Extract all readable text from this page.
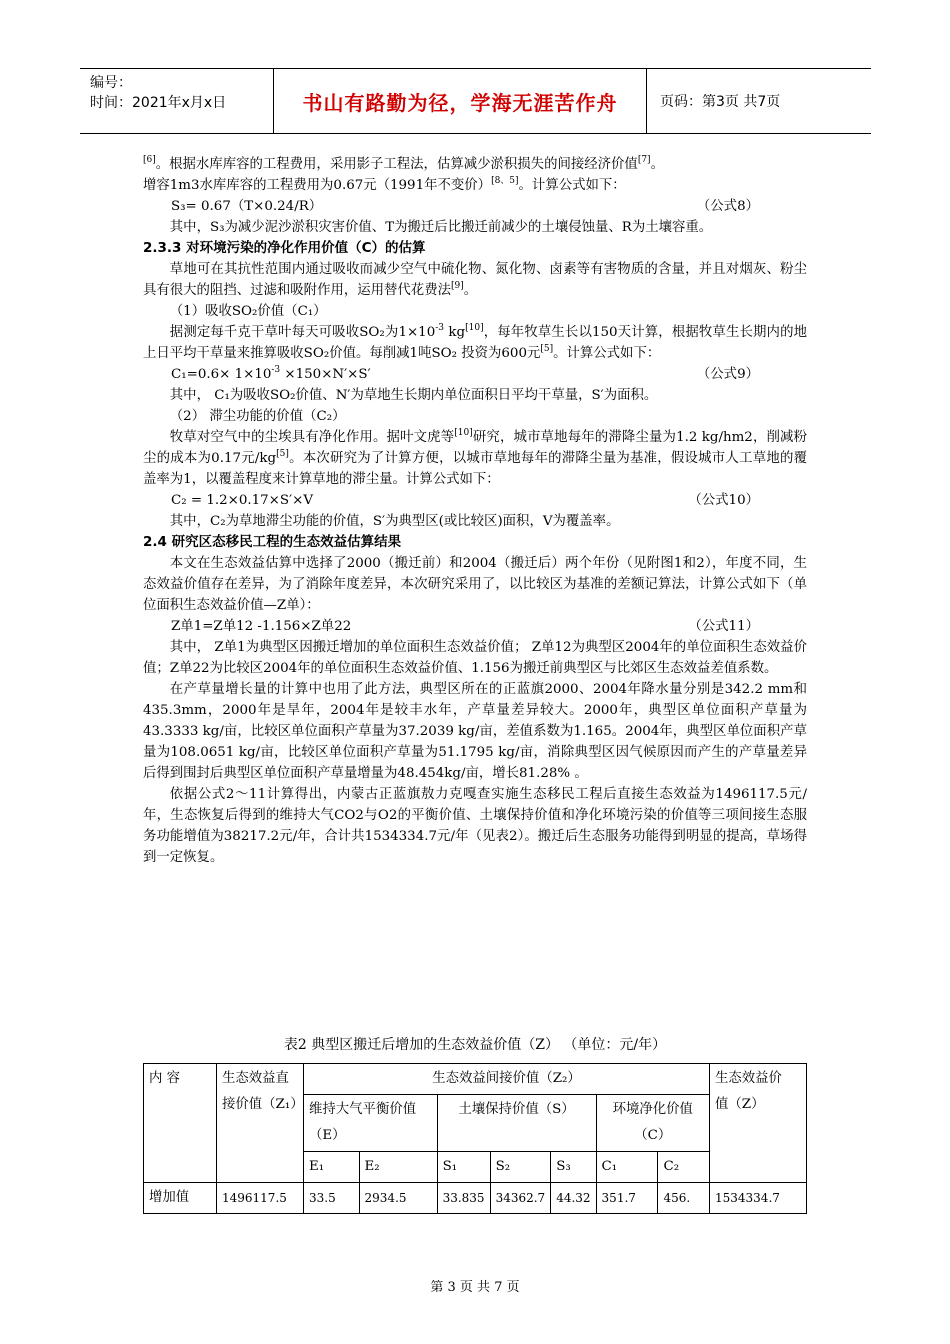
编号：
时间：2021年x月x日	书山有路勤为径，学海无涯苦作舟	页码：第3页 共7页

[6]。根据水库库容的工程费用，采用影子工程法，估算减少淤积损失的间接经济价值[7]。

增容1m3水库库容的工程费用为0.67元（1991年不变价）[8、5]。计算公式如下：

S₃= 0.67（T×0.24/R）	（公式8）

其中，S₃为减少泥沙淤积灾害价值、T为搬迁后比搬迁前减少的土壤侵蚀量、R为土壤容重。

2.3.3 对环境污染的净化作用价值（C）的估算

草地可在其抗性范围内通过吸收而减少空气中硫化物、氮化物、卤素等有害物质的含量，并且对烟灰、粉尘具有很大的阻挡、过滤和吸附作用，运用替代花费法[9]。

（1）吸收SO₂价值（C₁）

据测定每千克干草叶每天可吸收SO₂为$1\times 10^{-3}$ kg[10]，每年牧草生长以150天计算，根据牧草生长期内的地上日平均干草量来推算吸收SO₂价值。每削减1吨SO₂ 投资为600元[5]。计算公式如下：

$C_1=0.6\times 1\times 10^{-3} \times 150\times N'\times S'$	（公式9）

其中， C₁为吸收SO₂价值、N′为草地生长期内单位面积日平均干草量，S′为面积。

（2） 滞尘功能的价值（C₂）

牧草对空气中的尘埃具有净化作用。据叶文虎等[10]研究，城市草地每年的滞降尘量为1.2 kg/hm2，削减粉尘的成本为0.17元/kg[5]。本次研究为了计算方便，以城市草地每年的滞降尘量为基准，假设城市人工草地的覆盖率为1，以覆盖程度来计算草地的滞尘量。计算公式如下：

C₂ = 1.2×0.17×S′×V	（公式10）

其中，C₂为草地滞尘功能的价值，S′为典型区(或比较区)面积，V为覆盖率。

2.4 研究区态移民工程的生态效益估算结果

本文在生态效益估算中选择了2000（搬迁前）和2004（搬迁后）两个年份（见附图1和2），年度不同，生态效益价值存在差异，为了消除年度差异，本次研究采用了，以比较区为基准的差额记算法，计算公式如下（单位面积生态效益价值—Z单）：

Z单1=Z单12 -1.156×Z单22	（公式11）

其中， Z单1为典型区因搬迁增加的单位面积生态效益价值； Z单12为典型区2004年的单位面积生态效益价值；Z单22为比较区2004年的单位面积生态效益价值、1.156为搬迁前典型区与比郊区生态效益差值系数。

在产草量增长量的计算中也用了此方法，典型区所在的正蓝旗2000、2004年降水量分别是342.2 mm和435.3mm，2000年是旱年，2004年是较丰水年，产草量差异较大。2000年，典型区单位面积产草量为43.3333 kg/亩，比较区单位面积产草量为37.2039 kg/亩，差值系数为1.165。2004年，典型区单位面积产草量为108.0651 kg/亩，比较区单位面积产草量为51.1795 kg/亩，消除典型区因气候原因而产生的产草量差异后得到围封后典型区单位面积产草量增量为48.454kg/亩，增长81.28% 。

依据公式2～11计算得出，内蒙古正蓝旗敖力克嘎查实施生态移民工程后直接生态效益为1496117.5元/年，生态恢复后得到的维持大气CO2与O2的平衡价值、土壤保持价值和净化环境污染的价值等三项间接生态服务功能增值为38217.2元/年，合计共1534334.7元/年（见表2）。搬迁后生态服务功能得到明显的提高，草场得到一定恢复。

表2 典型区搬迁后增加的生态效益价值（Z） （单位：元/年）
内 容	生态效益直接价值（Z₁）	生态效益间接价值（Z₂）							生态效益价　　值（Z）
		维持大气平衡价值（E）		土壤保持价值（S）			环境净化价值（C）		
		E₁	E₂	S₁	S₂	S₃	C₁	C₂	
增加值	1496117.5	33.5	2934.5	33.835	34362.7	44.32	351.7	456.	1534334.7
第 3 页 共 7 页
